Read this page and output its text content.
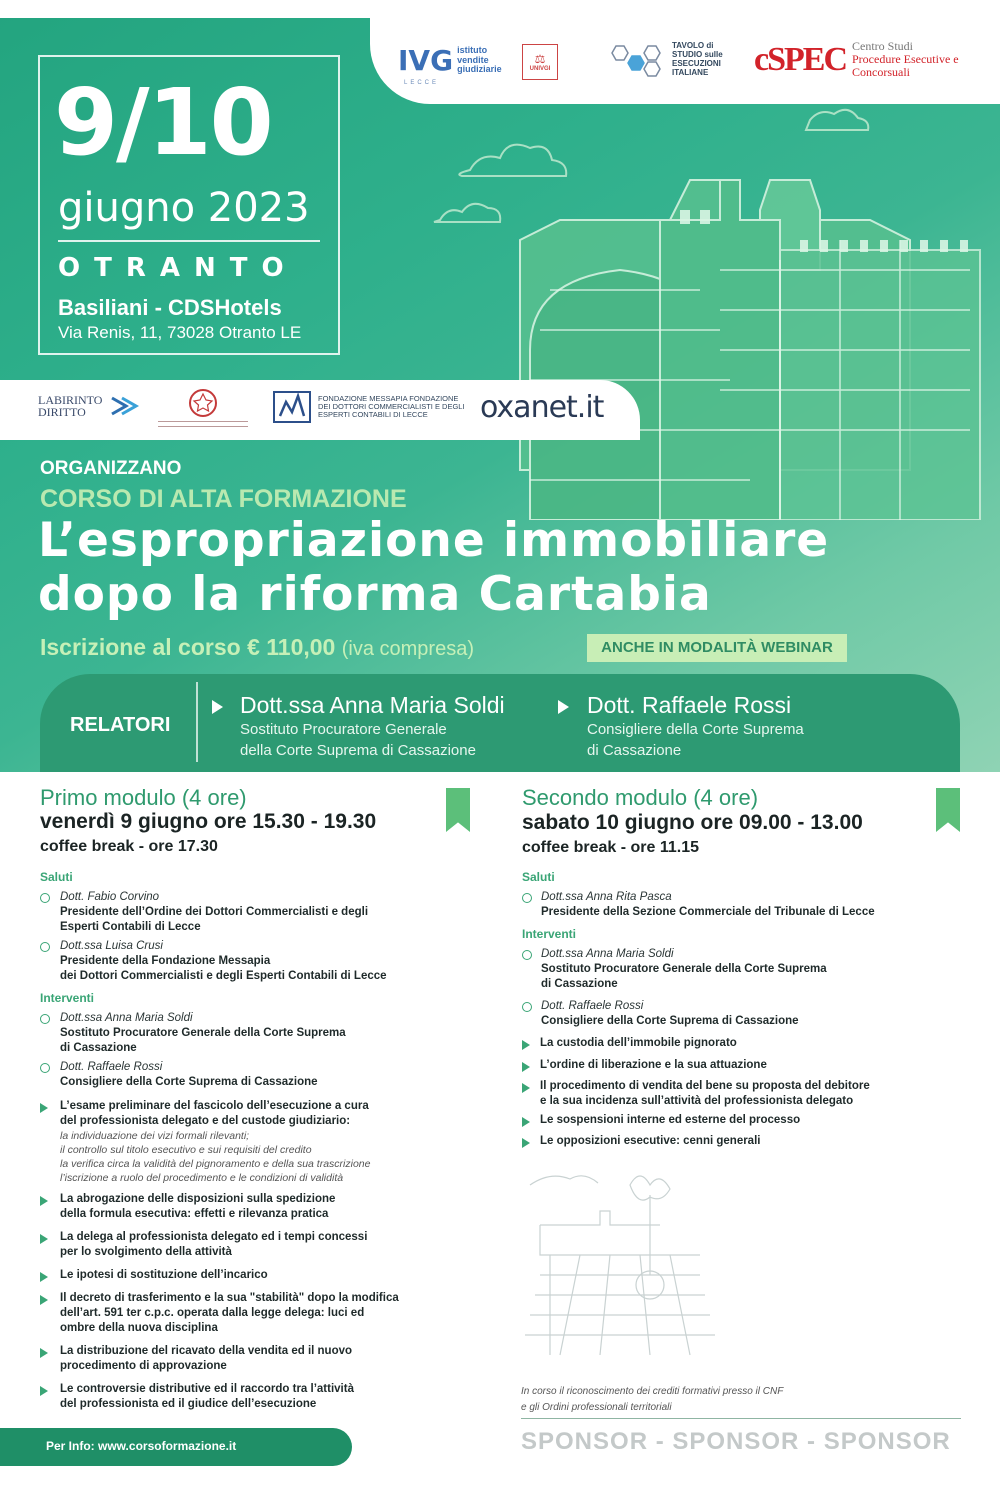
IVG istituto vendite giudiziarie
LECCE
⚖
UNIVGI
TAVOLO di STUDIO sulle ESECUZIONI ITALIANE	cSPEC Centro Studi
Procedure Esecutive e
Concorsuali
9/10
giugno 2023
OTRANTO
Basiliani - CDSHotels
Via Renis, 11, 73028 Otranto LE
LABIRINTO DIRITTO
FONDAZIONE MESSAPIA FONDAZIONE DEI DOTTORI COMMERCIALISTI E DEGLI ESPERTI CONTABILI DI LECCE	oxanet.it
ORGANIZZANO
CORSO DI ALTA FORMAZIONE
L’espropriazione immobiliare
dopo la riforma Cartabia
Iscrizione al corso € 110,00 (iva compresa)	ANCHE IN MODALITÀ WEBINAR
RELATORI
Dott.ssa Anna Maria Soldi
Sostituto Procuratore Generale
della Corte Suprema di Cassazione
Dott. Raffaele Rossi
Consigliere della Corte Suprema
di Cassazione
Primo modulo (4 ore)
venerdì 9 giugno ore 15.30 - 19.30
coffee break - ore 17.30
Saluti
Dott. Fabio Corvino
Presidente dell’Ordine dei Dottori Commercialisti e degli
Esperti Contabili di Lecce
Dott.ssa Luisa Crusi
Presidente della Fondazione Messapia
dei Dottori Commercialisti e degli Esperti Contabili di Lecce
Interventi
Dott.ssa Anna Maria Soldi
Sostituto Procuratore Generale della Corte Suprema
di Cassazione
Dott. Raffaele Rossi
Consigliere della Corte Suprema di Cassazione
L’esame preliminare del fascicolo dell’esecuzione a cura
del professionista delegato e del custode giudiziario:
la individuazione dei vizi formali rilevanti;
il controllo sul titolo esecutivo e sui requisiti del credito
la verifica circa la validità del pignoramento e della sua trascrizione
l’iscrizione a ruolo del procedimento e le condizioni di validità
La abrogazione delle disposizioni sulla spedizione
della formula esecutiva: effetti e rilevanza pratica
La delega al professionista delegato ed i tempi concessi
per lo svolgimento della attività
Le ipotesi di sostituzione dell’incarico
Il decreto di trasferimento e la sua "stabilità" dopo la modifica
dell’art. 591 ter c.p.c. operata dalla legge delega: luci ed
ombre della nuova disciplina
La distribuzione del ricavato della vendita ed il nuovo
procedimento di approvazione
Le controversie distributive ed il raccordo tra l’attività
del professionista ed il giudice dell’esecuzione
Secondo modulo (4 ore)
sabato 10 giugno ore 09.00 - 13.00
coffee break - ore 11.15
Saluti
Dott.ssa Anna Rita Pasca
Presidente della Sezione Commerciale del Tribunale di Lecce
Interventi
Dott.ssa Anna Maria Soldi
Sostituto Procuratore Generale della Corte Suprema
di Cassazione
Dott. Raffaele Rossi
Consigliere della Corte Suprema di Cassazione
La custodia dell’immobile pignorato
L’ordine di liberazione e la sua attuazione
Il procedimento di vendita del bene su proposta del debitore
e la sua incidenza sull’attività del professionista delegato
Le sospensioni interne ed esterne del processo
Le opposizioni esecutive: cenni generali
In corso il riconoscimento dei crediti formativi presso il CNF
e gli Ordini professionali territoriali
SPONSOR - SPONSOR - SPONSOR
Per Info: www.corsoformazione.it
